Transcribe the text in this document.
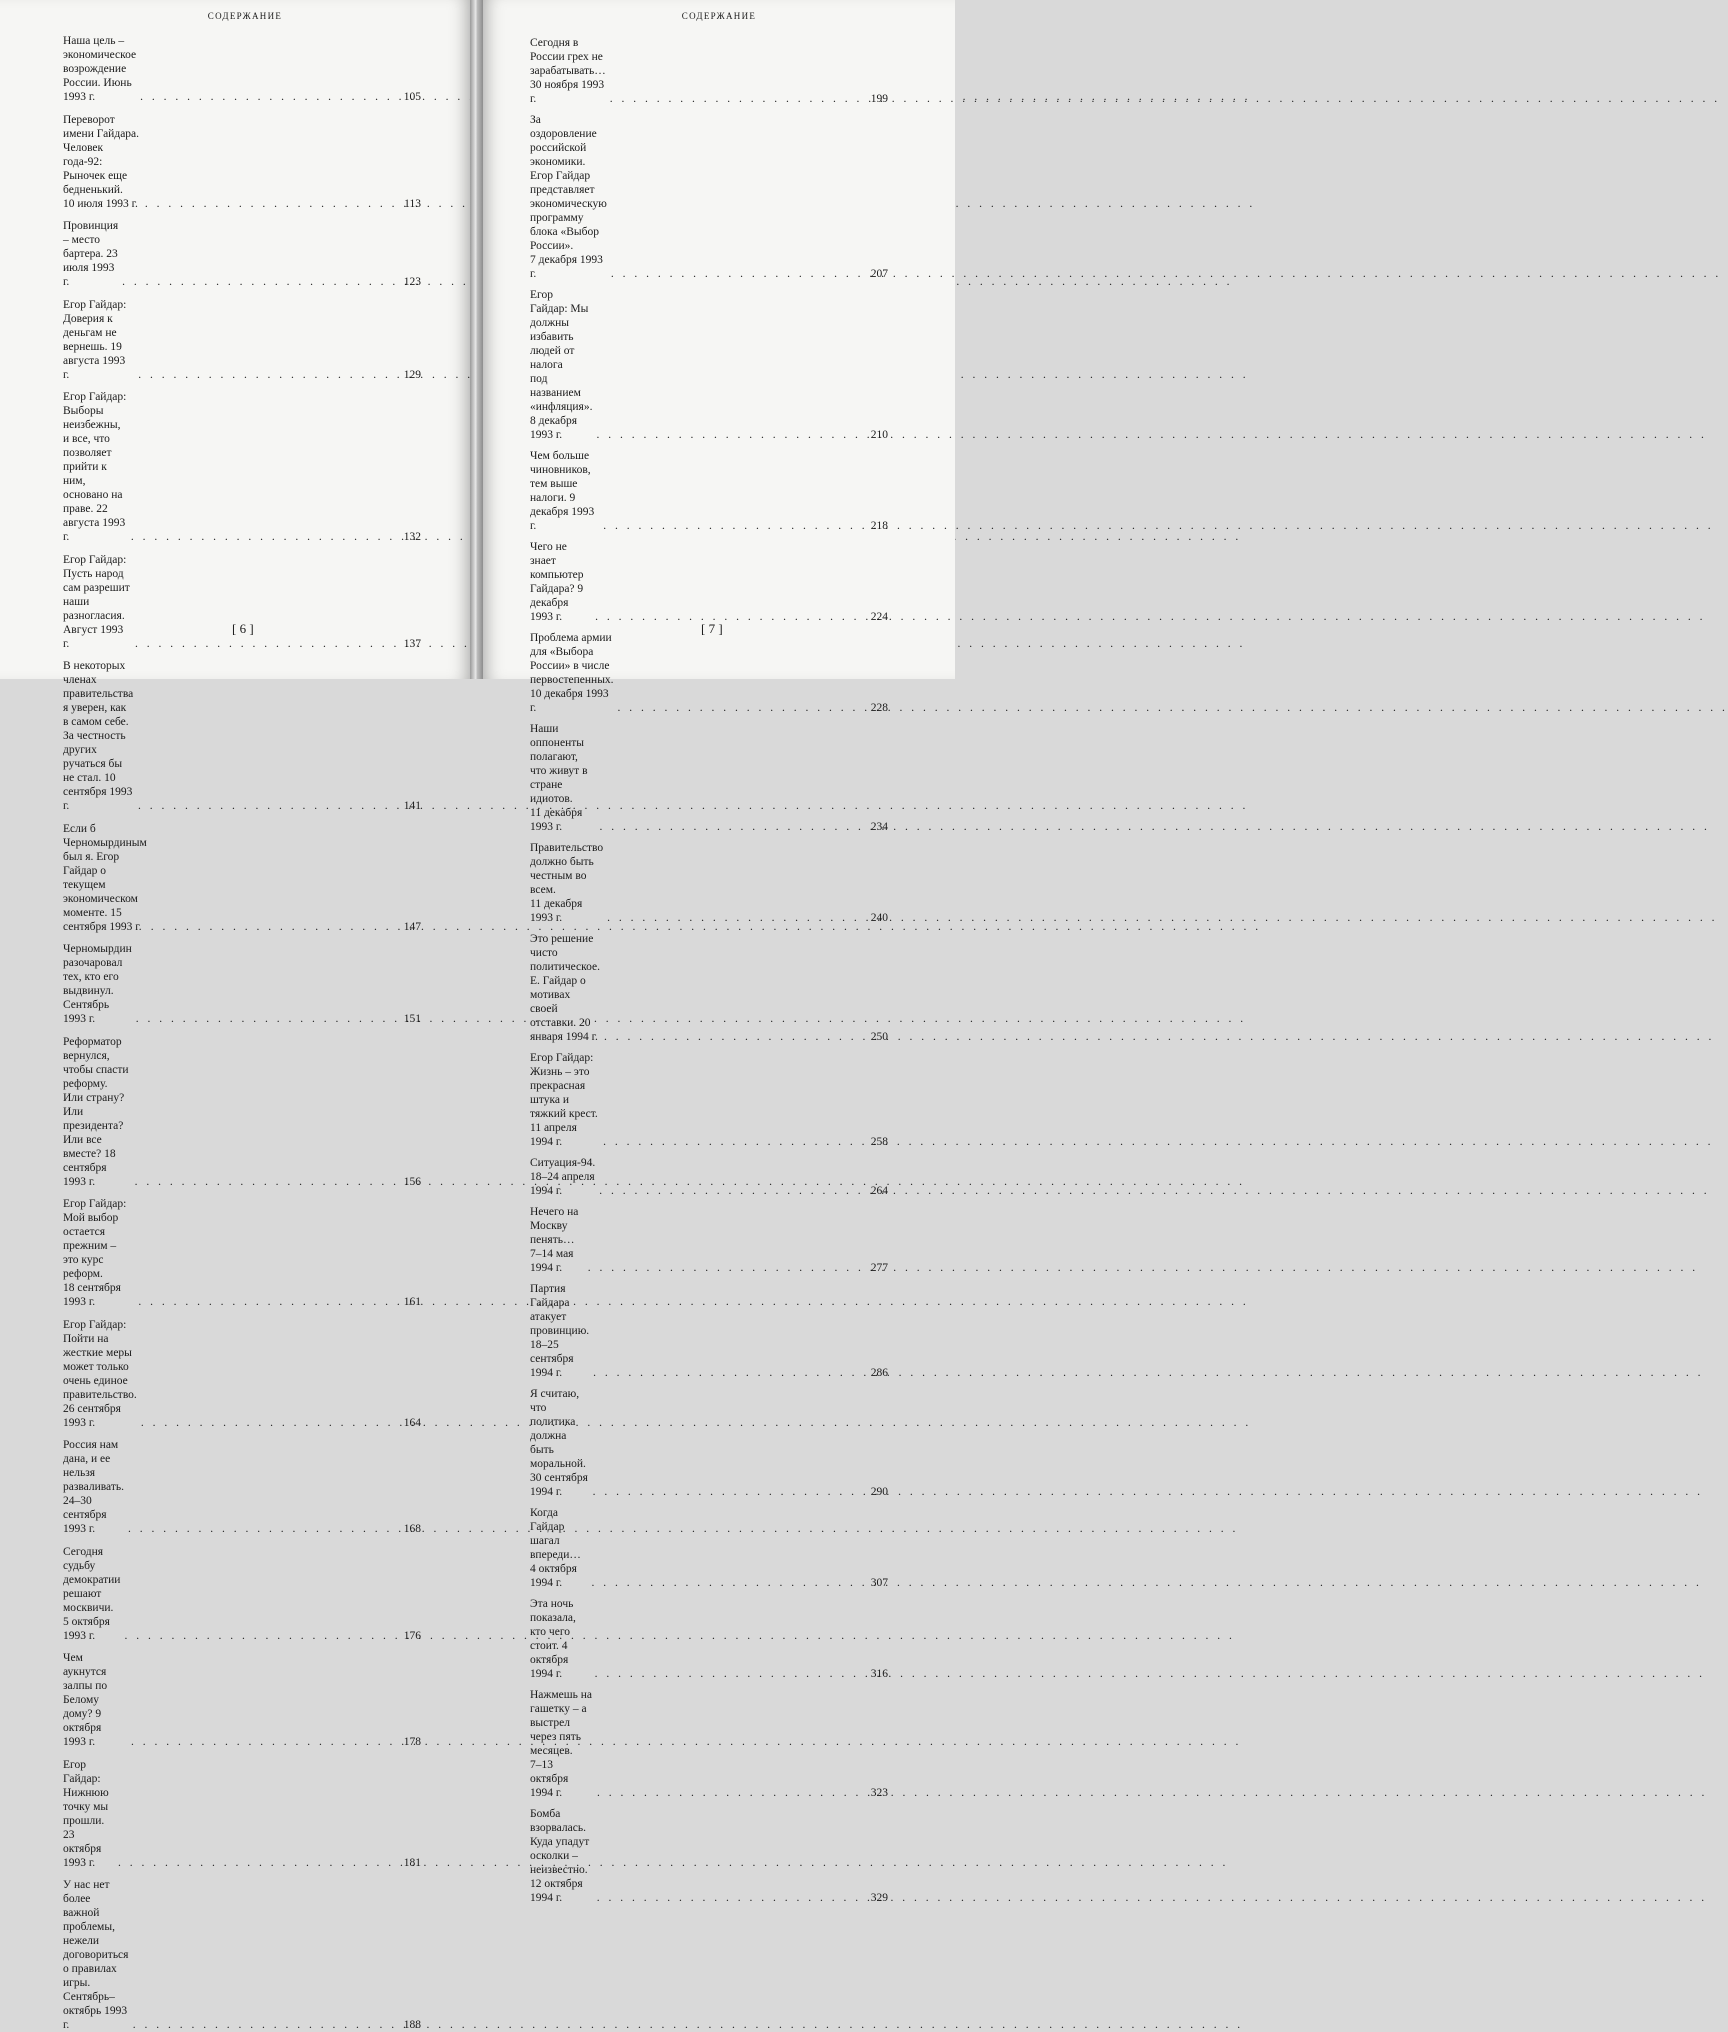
СОДЕРЖАНИЕ
Наша цель – экономическое возрождение России. Июнь 1993 г. . . .	105
Переворот имени Гайдара. Человек года-92: Рыночек еще бедненький.
10 июля 1993 г. . . .	113
Провинция – место бартера. 23 июля 1993 г. . . .	123
Егор Гайдар: Доверия к деньгам не вернешь. 19 августа 1993 г. . . .	129
Егор Гайдар: Выборы неизбежны, и все, что позволяет
прийти к ним, основано на праве. 22 августа 1993 г. . . .	132
Егор Гайдар: Пусть народ сам разрешит наши разногласия.
Август 1993 г. . . .	137
В некоторых членах правительства я уверен, как в самом себе.
За честность других ручаться бы не стал. 10 сентября 1993 г. . . .	141
Если б Черномырдиным был я. Егор Гайдар о текущем
экономическом моменте. 15 сентября 1993 г. . . .	147
Черномырдин разочаровал тех, кто его выдвинул.
Сентябрь 1993 г. . . .	151
Реформатор вернулся, чтобы спасти реформу. Или страну?
Или президента? Или все вместе? 18 сентября 1993 г. . . .	156
Егор Гайдар: Мой выбор остается прежним – это курс реформ.
18 сентября 1993 г. . . .	161
Егор Гайдар: Пойти на жесткие меры может только
очень единое правительство. 26 сентября 1993 г. . . .	164
Россия нам дана, и ее нельзя разваливать.
24–30 сентября 1993 г. . . .	168
Сегодня судьбу демократии решают москвичи.
5 октября 1993 г. . . .	176
Чем аукнутся залпы по Белому дому? 9 октября 1993 г. . . .	178
Егор Гайдар: Нижнюю точку мы прошли.
23 октября 1993 г. . . .	181
У нас нет более важной проблемы, нежели договориться
о правилах игры. Сентябрь–октябрь 1993 г. . . .	188
[ 6 ]
СОДЕРЖАНИЕ
Сегодня в России грех не зарабатывать… 30 ноября 1993 г. . . .	199
За оздоровление российской экономики. Егор Гайдар
представляет экономическую программу блока «Выбор России».
7 декабря 1993 г. . . .	207
Егор Гайдар: Мы должны избавить людей от налога
под названием «инфляция». 8 декабря 1993 г. . . .	210
Чем больше чиновников, тем выше налоги. 9 декабря 1993 г. . . .	218
Чего не знает компьютер Гайдара? 9 декабря 1993 г. . . .	224
Проблема армии для «Выбора России» в числе первостепенных.
10 декабря 1993 г. . . .	228
Наши оппоненты полагают, что живут в стране идиотов.
11 декабря 1993 г. . . .	234
Правительство должно быть честным во всем.
11 декабря 1993 г. . . .	240
Это решение чисто политическое. Е. Гайдар о мотивах
своей отставки. 20 января 1994 г. . . .	250
Егор Гайдар: Жизнь – это прекрасная штука и тяжкий крест.
11 апреля 1994 г. . . .	258
Ситуация-94. 18–24 апреля 1994 г. . . .	264
Нечего на Москву пенять… 7–14 мая 1994 г. . . .	277
Партия Гайдара атакует провинцию.
18–25 сентября 1994 г. . . .	286
Я считаю, что политика должна быть моральной.
30 сентября 1994 г. . . .	290
Когда Гайдар шагал впереди… 4 октября 1994 г. . . .	307
Эта ночь показала, кто чего стоит. 4 октября 1994 г. . . .	316
Нажмешь на гашетку – а выстрел через пять месяцев.
7–13 октября 1994 г. . . .	323
Бомба взорвалась. Куда упадут осколки – неизвестно.
12 октября 1994 г. . . .	329
[ 7 ]
